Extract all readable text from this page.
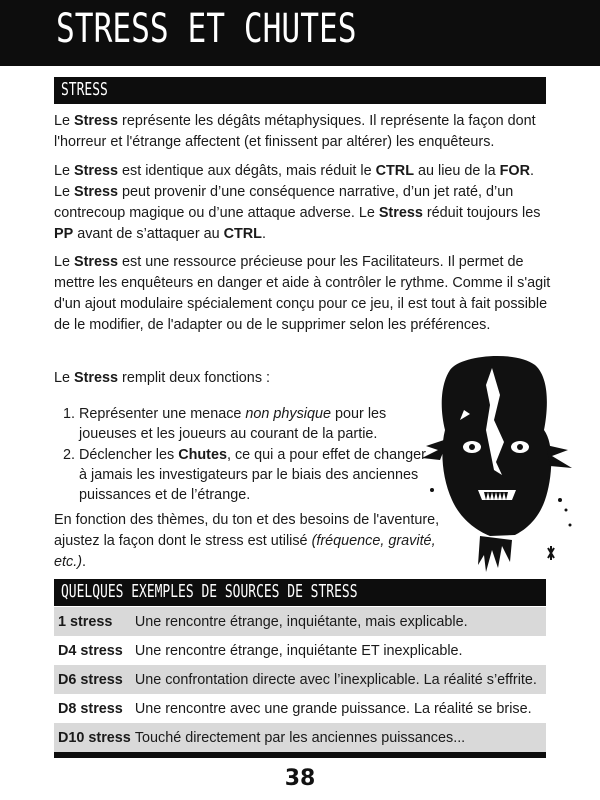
STRESS ET CHUTES
STRESS

Le Stress représente les dégâts métaphysiques. Il représente la façon dont l'horreur et l'étrange affectent (et finissent par altérer) les enquêteurs.

Le Stress est identique aux dégâts, mais réduit le CTRL au lieu de la FOR. Le Stress peut provenir d’une conséquence narrative, d’un jet raté, d’un contrecoup magique ou d’une attaque adverse. Le Stress réduit toujours les PP avant de s’attaquer au CTRL.

Le Stress est une ressource précieuse pour les Facilitateurs. Il permet de mettre les enquêteurs en danger et aide à contrôler le rythme. Comme il s'agit d'un ajout modulaire spécialement conçu pour ce jeu, il est tout à fait possible de le modifier, de l'adapter ou de le supprimer selon les préférences.

Le Stress remplit deux fonctions :

1. Représenter une menace non physique pour les joueuses et les joueurs au courant de la partie.
2. Déclencher les Chutes, ce qui a pour effet de changer à jamais les investigateurs par le biais des anciennes puissances et de l’étrange.

En fonction des thèmes, du ton et des besoins de l'aventure, ajustez la façon dont le stress est utilisé (fréquence, gravité, etc.).

QUELQUES EXEMPLES DE SOURCES DE STRESS
1 stress	Une rencontre étrange, inquiétante, mais explicable.
D4 stress	Une rencontre étrange, inquiétante ET inexplicable.
D6 stress	Une confrontation directe avec l’inexplicable. La réalité s’effrite.
D8 stress	Une rencontre avec une grande puissance. La réalité se brise.
D10 stress	Touché directement par les anciennes puissances...
38
